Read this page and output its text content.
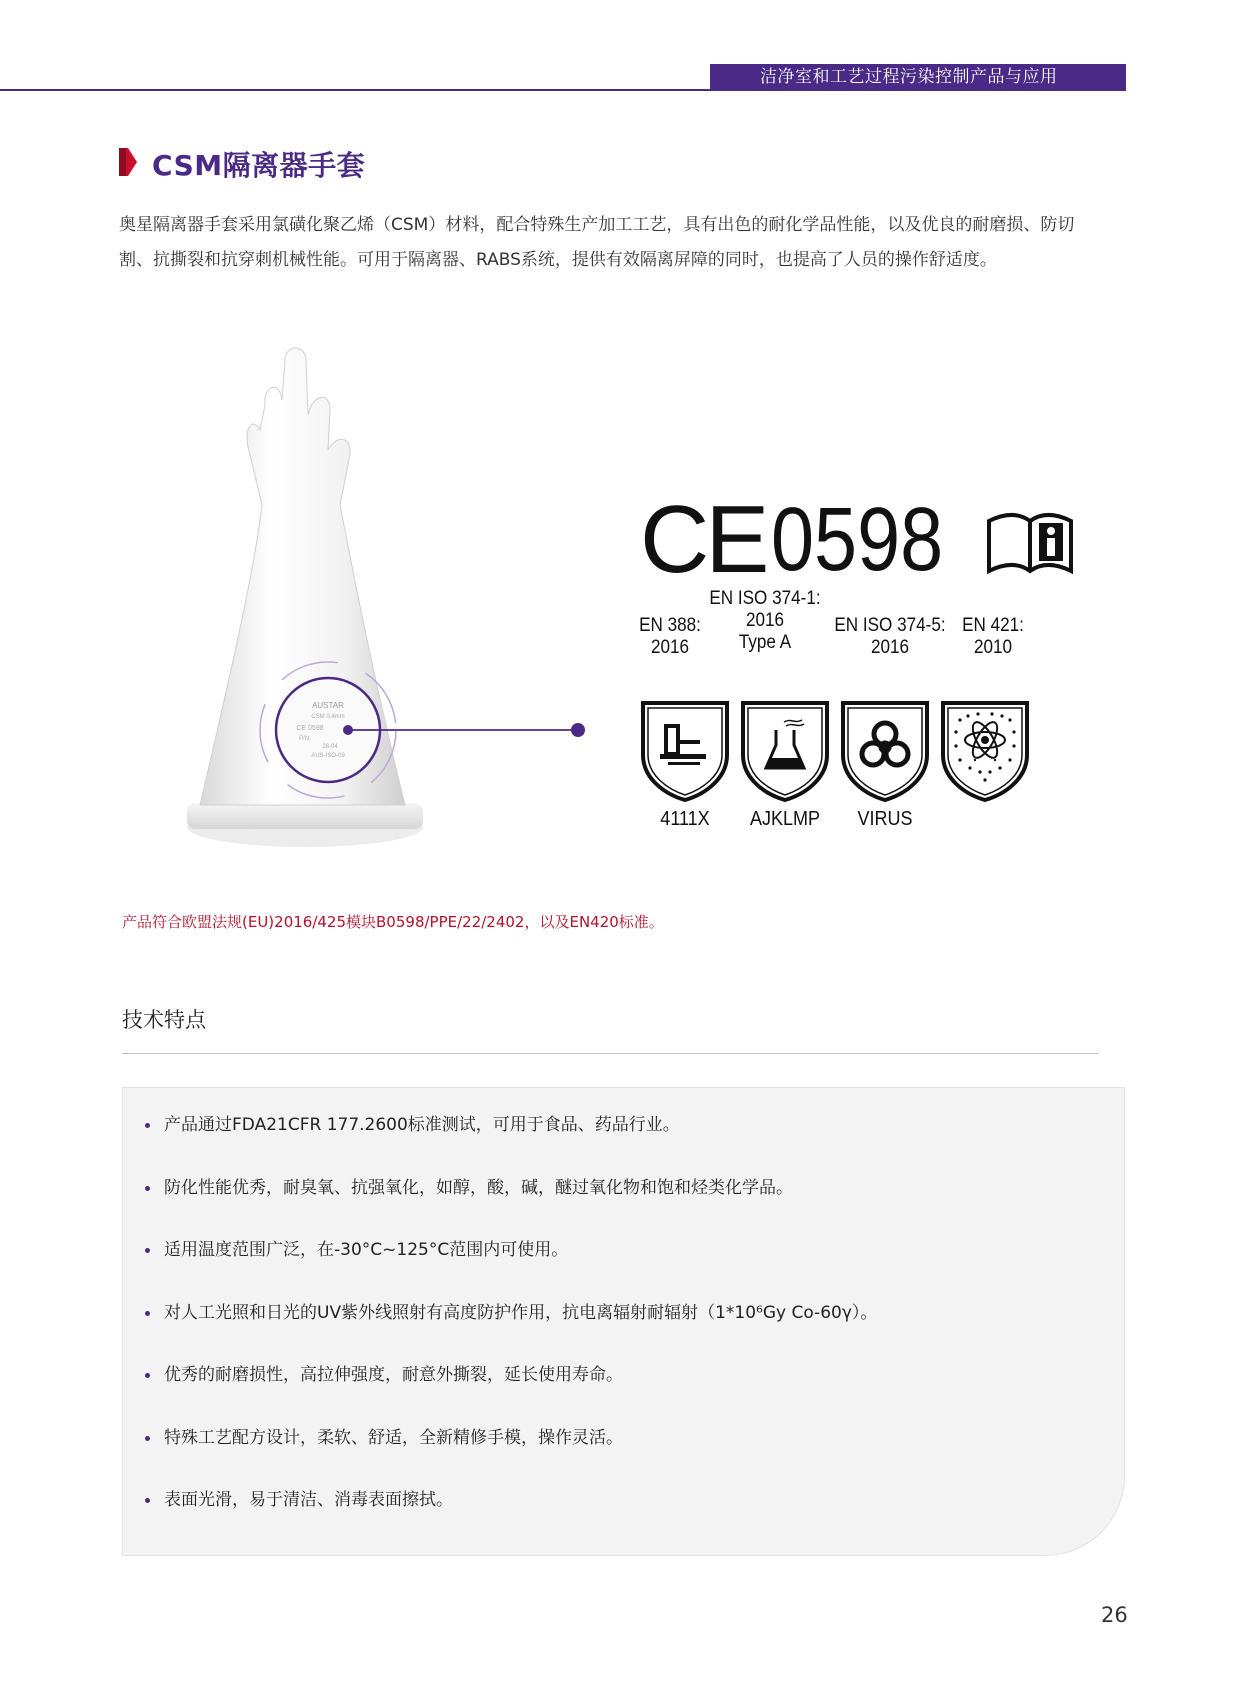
洁净室和工艺过程污染控制产品与应用
CSM隔离器手套
奥星隔离器手套采用氯磺化聚乙烯（CSM）材料，配合特殊生产加工工艺，具有出色的耐化学品性能，以及优良的耐磨损、防切
割、抗撕裂和抗穿刺机械性能。可用于隔离器、RABS系统，提供有效隔离屏障的同时，也提高了人员的操作舒适度。
AUSTAR
CSM 0.4mm
CE 0598
P/N:
28-04
AUS-ISO-09
CE 0598
EN 388:
2016
EN ISO 374-1:
2016
Type A
EN ISO 374-5:
2016
EN 421:
2010
4111X	AJKLMP	VIRUS
产品符合欧盟法规(EU)2016/425模块B0598/PPE/22/2402，以及EN420标准。
技术特点
产品通过FDA21CFR 177.2600标准测试，可用于食品、药品行业。
防化性能优秀，耐臭氧、抗强氧化，如醇，酸，碱，醚过氧化物和饱和烃类化学品。
适用温度范围广泛，在-30°C~125°C范围内可使用。
对人工光照和日光的UV紫外线照射有高度防护作用，抗电离辐射耐辐射（1*10⁶Gy Co-60γ）。
优秀的耐磨损性，高拉伸强度，耐意外撕裂，延长使用寿命。
特殊工艺配方设计，柔软、舒适，全新精修手模，操作灵活。
表面光滑，易于清洁、消毒表面擦拭。
26
